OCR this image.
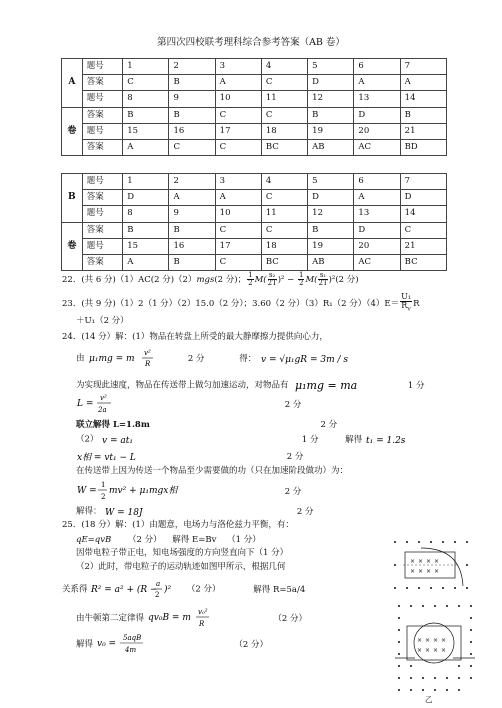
第四次四校联考理科综合参考答案（AB 卷）
A	题号	1	2	3	4	5	6	7
	答案	C	B	A	C	D	A	A
	题号	8	9	10	11	12	13	14
卷	答案	B	B	C	C	B	D	B
	题号	15	16	17	18	19	20	21
	答案	A	C	C	BC	AB	AC	BD
B	题号	1	2	3	4	5	6	7
	答案	D	A	A	C	D	A	D
	题号	8	9	10	11	12	13	14
卷	答案	B	B	C	C	B	D	C
	题号	15	16	17	18	19	20	21
	答案	A	B	C	BC	AB	AC	BC
22．(共 6 分)（1）AC(2 分)（2）mgs(2 分)； $\frac{1}{2} M( \frac{\text{s₂}}{2T} )^2 - \frac{1}{2} M( \frac{\text{s₁}}{2T} )^2(2$ 分)
23．(共 9 分)（1）2（1 分）（2）15.0（2 分）；3.60（2 分）（3）R₁（2 分）$(4)E= \frac{\text{U₁}}{R_V}$ R
＋U₁（2 分）
24．(14 分）解：(1）物品在转盘上所受的最大静摩擦力提供向心力，
由 μ₁mg = m
v²
R
2 分	得： v = √μ₁gR = 3m / s
为实现此速度，物品在传送带上做匀加速运动，对物品有 μ₁mg = ma	1 分
L =
v²
2a
2 分
联立解得 L=1.8m	2 分
（2） v = at₁	1 分	解得 t₁ = 1.2s
x相 = vt₁ − L	2 分
在传送带上因为传送一个物品至少需要做的功（只在加速阶段做功）为：
W =
1
2
mv² + μ₁mgx相	2 分
解得： W = 18J	2 分
25．(18 分）解：(1）由题意，电场力与洛伦兹力平衡，有：
qE=qvB （2 分） 解得 E=Bv （1 分）
因带电粒子带正电，知电场强度的方向竖直向下（1 分）
（2）此时，带电粒子的运动轨迹如图甲所示，根据几何
关系得 R² = a² + (R −
a
2 )² （2 分）	解得 R=5a/4
由牛顿第二定律得 qv₀B = m
v₀²
R
（2 分）
解得 v₀ =
5aqB
4m
（2 分）
× × × ×
× × × ×
× × × ×
× × × ×
乙
